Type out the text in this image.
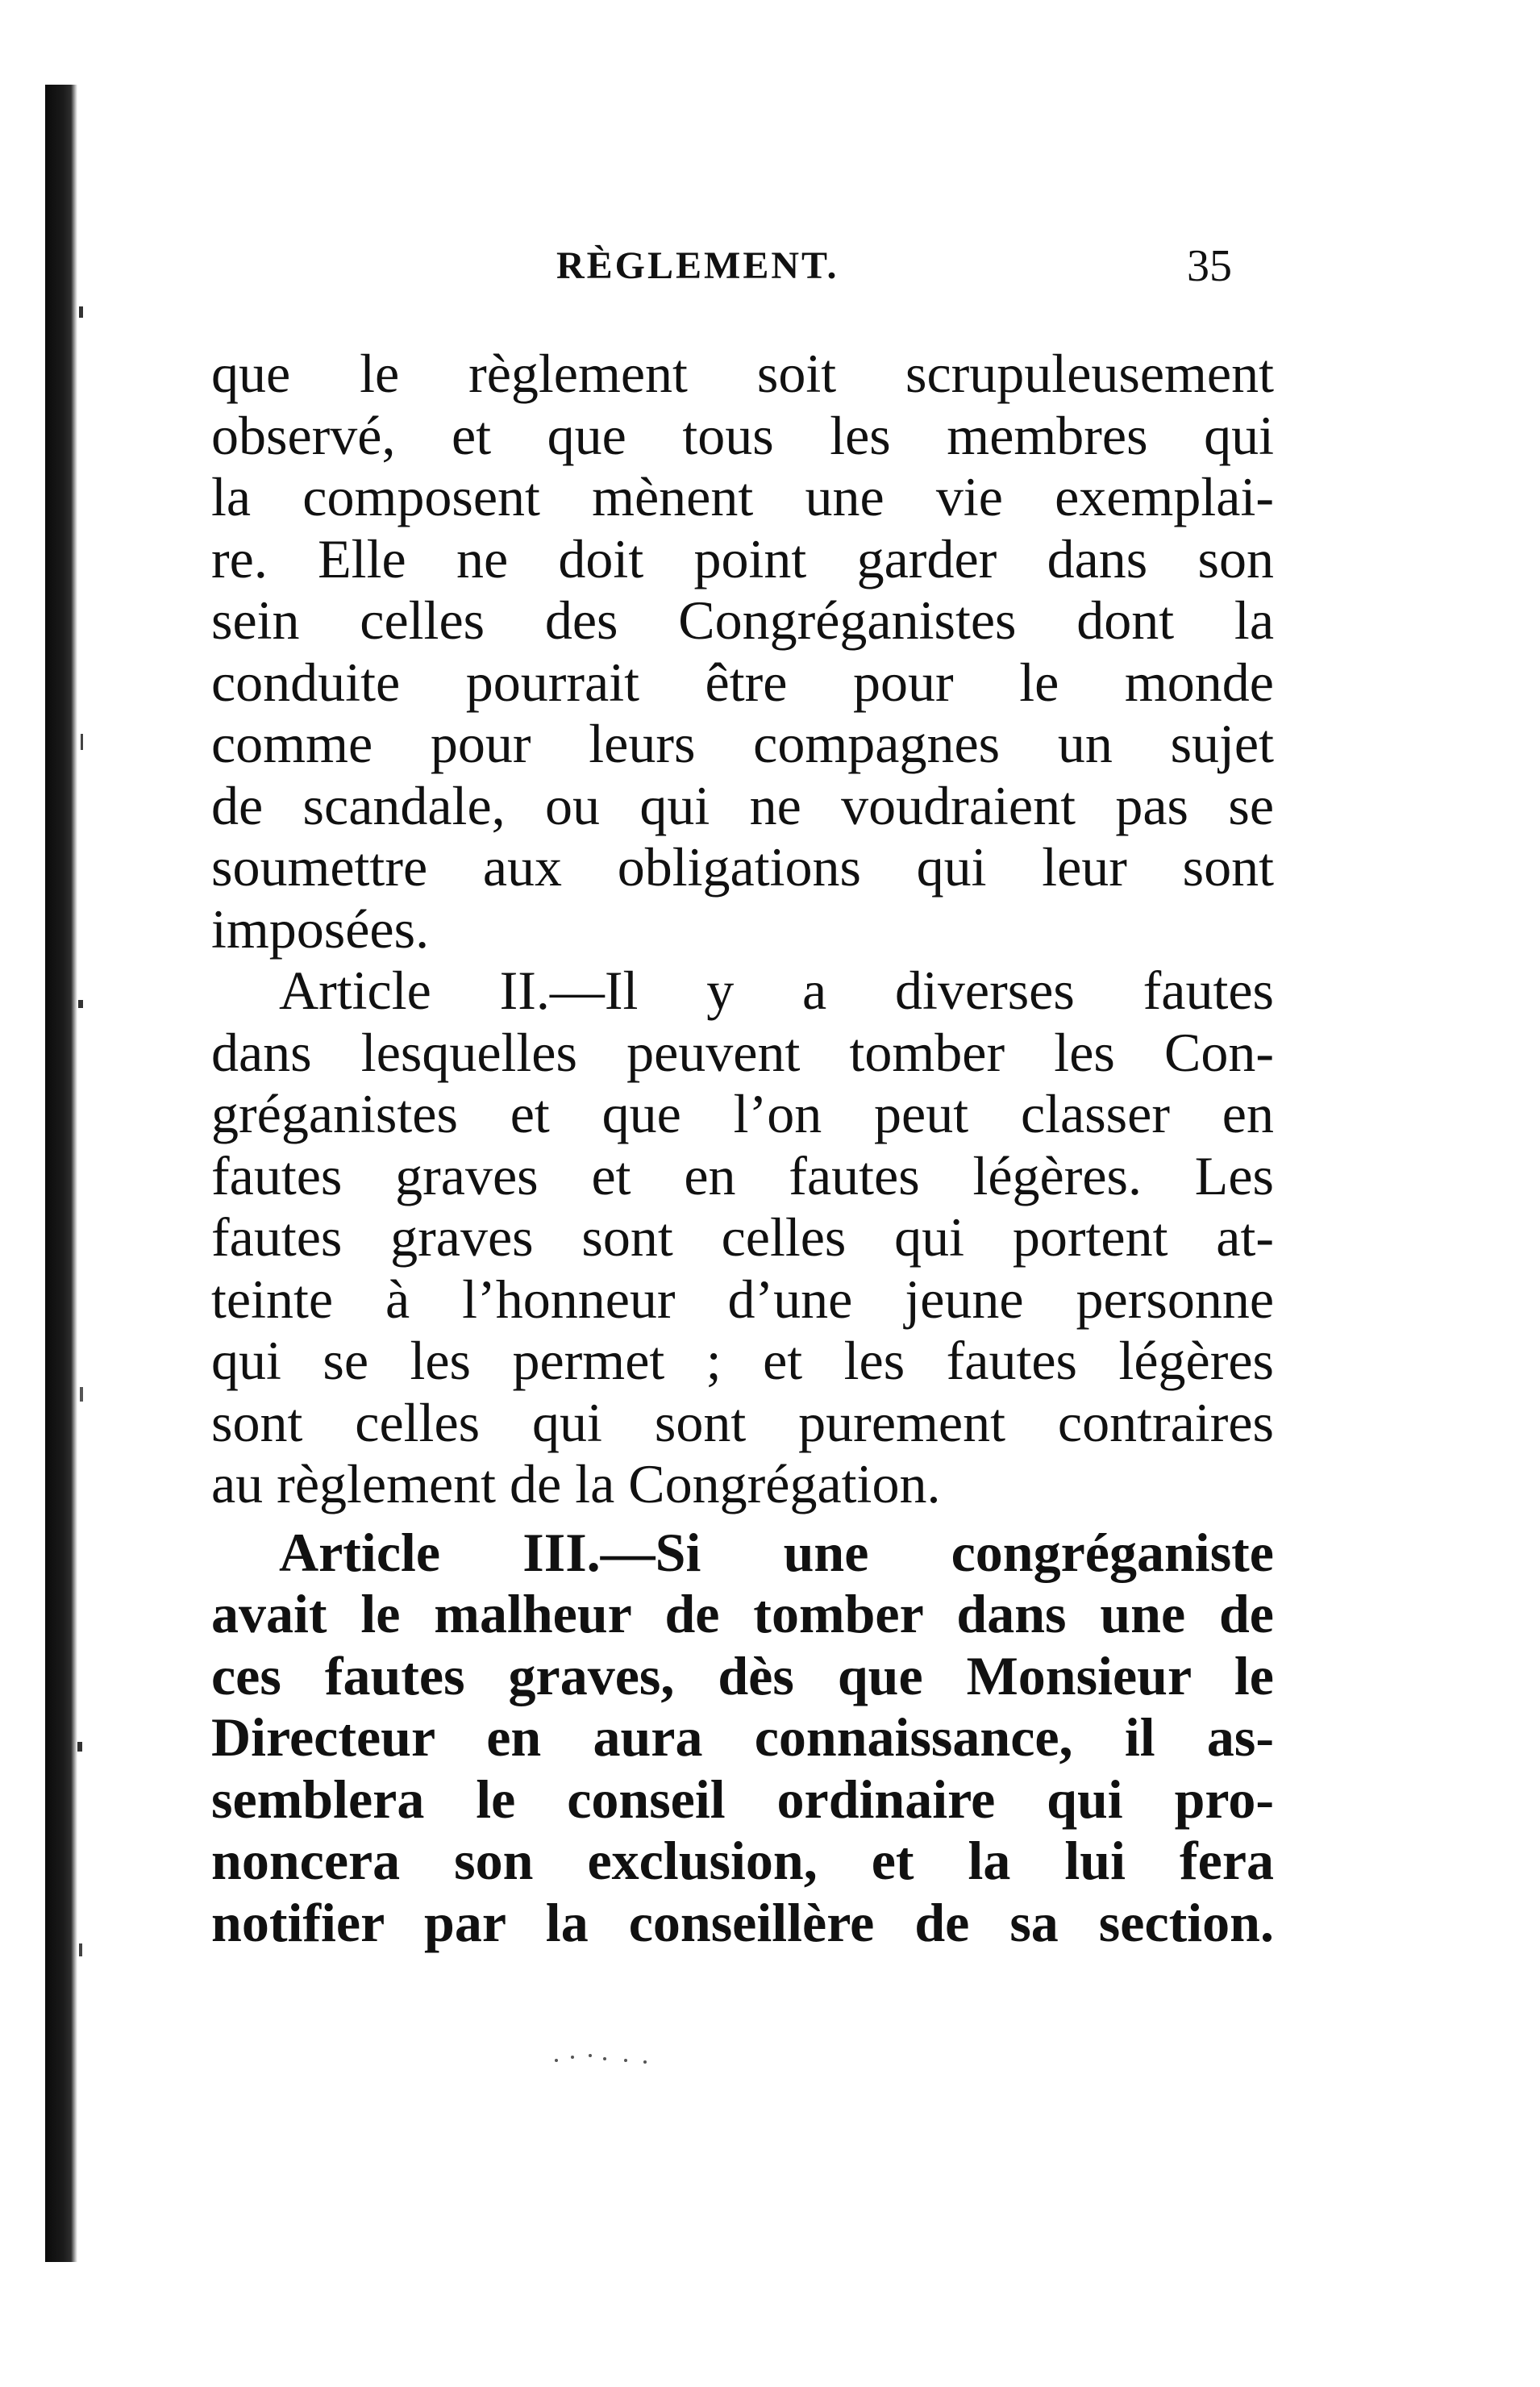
RÈGLEMENT.	35
que le règlement soit scrupuleusement
observé, et que tous les membres qui
la composent mènent une vie exemplai-
re. Elle ne doit point garder dans son
sein celles des Congréganistes dont la
conduite pourrait être pour le monde
comme pour leurs compagnes un sujet
de scandale, ou qui ne voudraient pas se
soumettre aux obligations qui leur sont
imposées.
Article II.—Il y a diverses fautes
dans lesquelles peuvent tomber les Con-
gréganistes et que l’on peut classer en
fautes graves et en fautes légères. Les
fautes graves sont celles qui portent at-
teinte à l’honneur d’une jeune personne
qui se les permet ; et les fautes légères
sont celles qui sont purement contraires
au règlement de la Congrégation.
Article III.—Si une congréganiste
avait le malheur de tomber dans une de
ces fautes graves, dès que Monsieur le
Directeur en aura connaissance, il as-
semblera le conseil ordinaire qui pro-
noncera son exclusion, et la lui fera
notifier par la conseillère de sa section.
